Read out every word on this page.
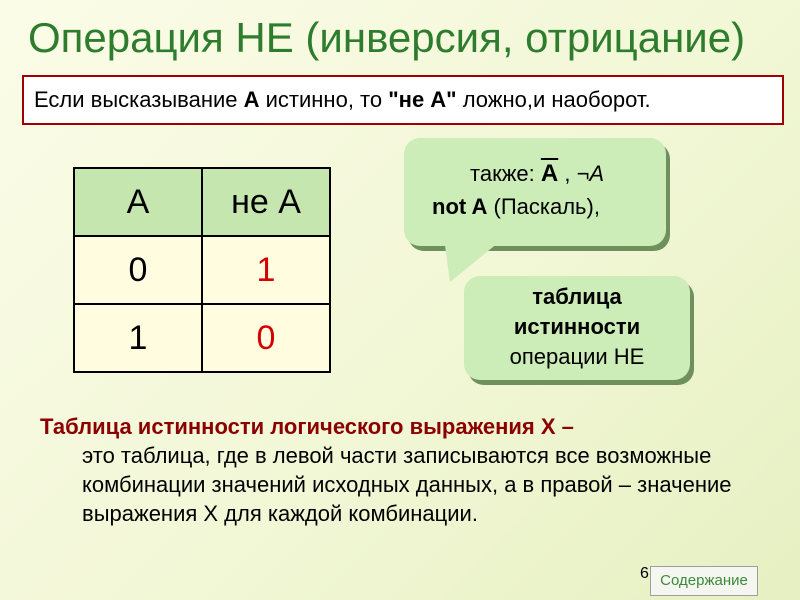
Операция НЕ (инверсия, отрицание)
Если высказывание А истинно, то "не А" ложно,и наоборот.
А	не А
0	1
1	0
также: А , ¬А
not A (Паскаль),
таблица
истинности
операции НЕ
Таблица истинности логического выражения Х –
это таблица, где в левой части записываются все возможные комбинации значений исходных данных, а в правой – значение выражения Х для каждой комбинации.
6 Содержание
